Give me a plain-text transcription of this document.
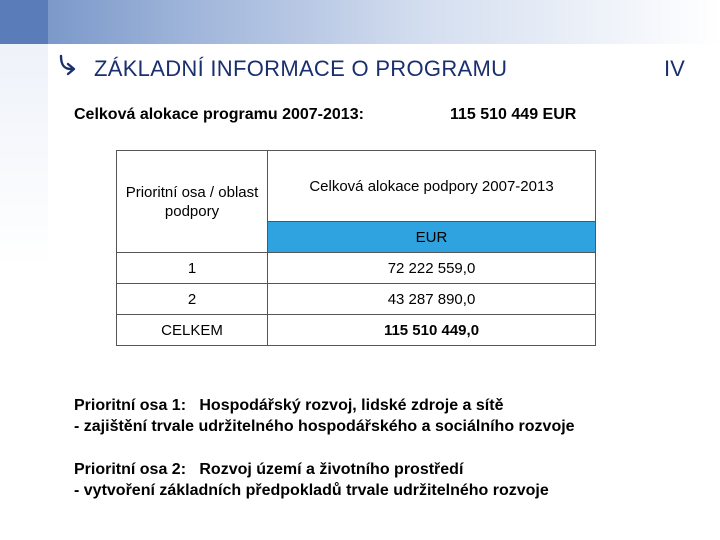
ZÁKLADNÍ INFORMACE O PROGRAMU	IV
Celková alokace programu 2007-2013:	115 510 449 EUR
Prioritní osa / oblast podpory	Celková alokace podpory 2007-2013
	EUR
1	72 222 559,0
2	43 287 890,0
CELKEM	115 510 449,0
Prioritní osa 1:   Hospodářský rozvoj, lidské zdroje a sítě
- zajištění trvale udržitelného hospodářského a sociálního rozvoje
Prioritní osa 2:   Rozvoj území a životního prostředí
- vytvoření základních předpokladů trvale udržitelného rozvoje
